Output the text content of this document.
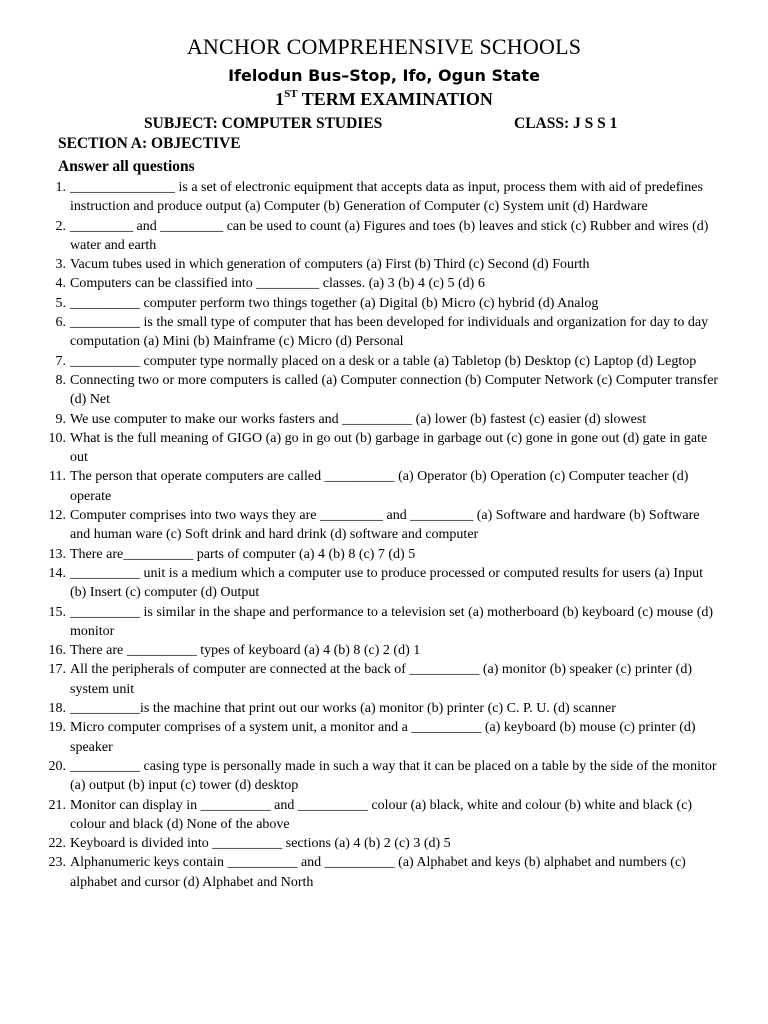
ANCHOR COMPREHENSIVE SCHOOLS
Ifelodun Bus–Stop, Ifo, Ogun State
1ST TERM EXAMINATION
SUBJECT: COMPUTER STUDIES	CLASS: J S S 1
SECTION A: OBJECTIVE
Answer all questions
1. _______________ is a set of electronic equipment that accepts data as input, process them with aid of predefines instruction and produce output (a) Computer (b) Generation of Computer (c) System unit (d) Hardware
2. _________ and _________ can be used to count (a) Figures and toes (b) leaves and stick (c) Rubber and wires (d) water and earth
3. Vacum tubes used in which generation of computers (a) First (b) Third (c) Second (d) Fourth
4. Computers can be classified into _________ classes. (a) 3 (b) 4 (c) 5 (d) 6
5. __________ computer perform two things together (a) Digital (b) Micro (c) hybrid (d) Analog
6. __________ is the small type of computer that has been developed for individuals and organization for day to day computation (a) Mini (b) Mainframe (c) Micro (d) Personal
7. __________ computer type normally placed on a desk or a table (a) Tabletop (b) Desktop (c) Laptop (d) Legtop
8. Connecting two or more computers is called (a) Computer connection (b) Computer Network (c) Computer transfer (d) Net
9. We use computer to make our works fasters and __________ (a) lower (b) fastest (c) easier (d) slowest
10. What is the full meaning of GIGO (a) go in go out (b) garbage in garbage out (c) gone in gone out (d) gate in gate out
11. The person that operate computers are called __________ (a) Operator (b) Operation (c) Computer teacher (d) operate
12. Computer comprises into two ways they are _________ and _________ (a) Software and hardware (b) Software and human ware (c) Soft drink and hard drink (d) software and computer
13. There are__________ parts of computer (a) 4 (b) 8 (c) 7 (d) 5
14. __________ unit is a medium which a computer use to produce processed or computed results for users (a) Input (b) Insert (c) computer (d) Output
15. __________ is similar in the shape and performance to a television set (a) motherboard (b) keyboard (c) mouse (d) monitor
16. There are __________ types of keyboard (a) 4 (b) 8 (c) 2 (d) 1
17. All the peripherals of computer are connected at the back of __________ (a) monitor (b) speaker (c) printer (d) system unit
18. __________is the machine that print out our works (a) monitor (b) printer (c) C. P. U. (d) scanner
19. Micro computer comprises of a system unit, a monitor and a __________ (a) keyboard (b) mouse (c) printer (d) speaker
20. __________ casing type is personally made in such a way that it can be placed on a table by the side of the monitor (a) output (b) input (c) tower (d) desktop
21. Monitor can display in __________ and __________ colour (a) black, white and colour (b) white and black (c) colour and black (d) None of the above
22. Keyboard is divided into __________ sections (a) 4 (b) 2 (c) 3 (d) 5
23. Alphanumeric keys contain __________ and __________ (a) Alphabet and keys (b) alphabet and numbers (c) alphabet and cursor (d) Alphabet and North
